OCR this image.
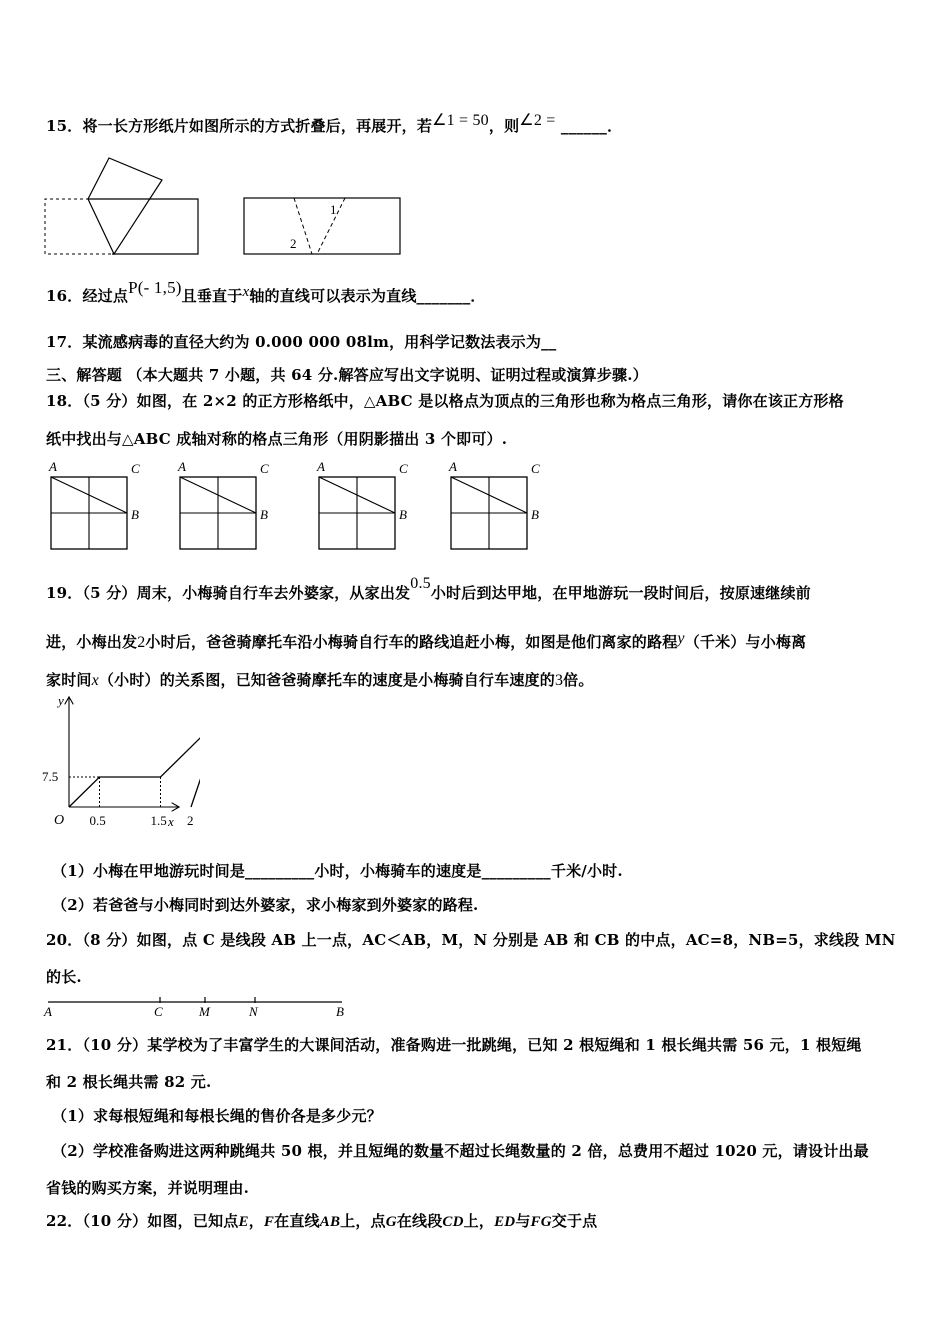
15．将一长方形纸片如图所示的方式折叠后，再展开，若∠1 = 50，则∠2 = ______．
1
2
16．经过点P(- 1,5)且垂直于x轴的直线可以表示为直线_______．
17．某流感病毒的直径大约为 0.000 000 08lm，用科学记数法表示为__
三、解答题 （本大题共 7 小题，共 64 分.解答应写出文字说明、证明过程或演算步骤.）
18．（5 分）如图，在 2×2 的正方形格纸中，△ABC 是以格点为顶点的三角形也称为格点三角形，请你在该正方形格
纸中找出与△ABC 成轴对称的格点三角形（用阴影描出 3 个即可）.
A	C
B
A	C
B
A	C
B
A	C
B
19．（5 分）周末，小梅骑自行车去外婆家，从家出发0.5小时后到达甲地，在甲地游玩一段时间后，按原速继续前
进，小梅出发2小时后，爸爸骑摩托车沿小梅骑自行车的路线追赶小梅，如图是他们离家的路程y（千米）与小梅离
家时间x（小时）的关系图，已知爸爸骑摩托车的速度是小梅骑自行车速度的3倍。
y
x
O 0.5	1.5 2
7.5
（1）小梅在甲地游玩时间是_________小时，小梅骑车的速度是_________千米/小时.
（2）若爸爸与小梅同时到达外婆家，求小梅家到外婆家的路程.
20．（8 分）如图，点 C 是线段 AB 上一点，AC＜AB，M，N 分别是 AB 和 CB 的中点，AC=8，NB=5，求线段 MN
的长.
A	C	M	N	B
21．（10 分）某学校为了丰富学生的大课间活动，准备购进一批跳绳，已知 2 根短绳和 1 根长绳共需 56 元，1 根短绳
和 2 根长绳共需 82 元.
（1）求每根短绳和每根长绳的售价各是多少元？
（2）学校准备购进这两种跳绳共 50 根，并且短绳的数量不超过长绳数量的 2 倍，总费用不超过 1020 元，请设计出最
省钱的购买方案，并说明理由.
22．（10 分）如图，已知点E，F在直线AB上，点G在线段CD上，ED与FG交于点
